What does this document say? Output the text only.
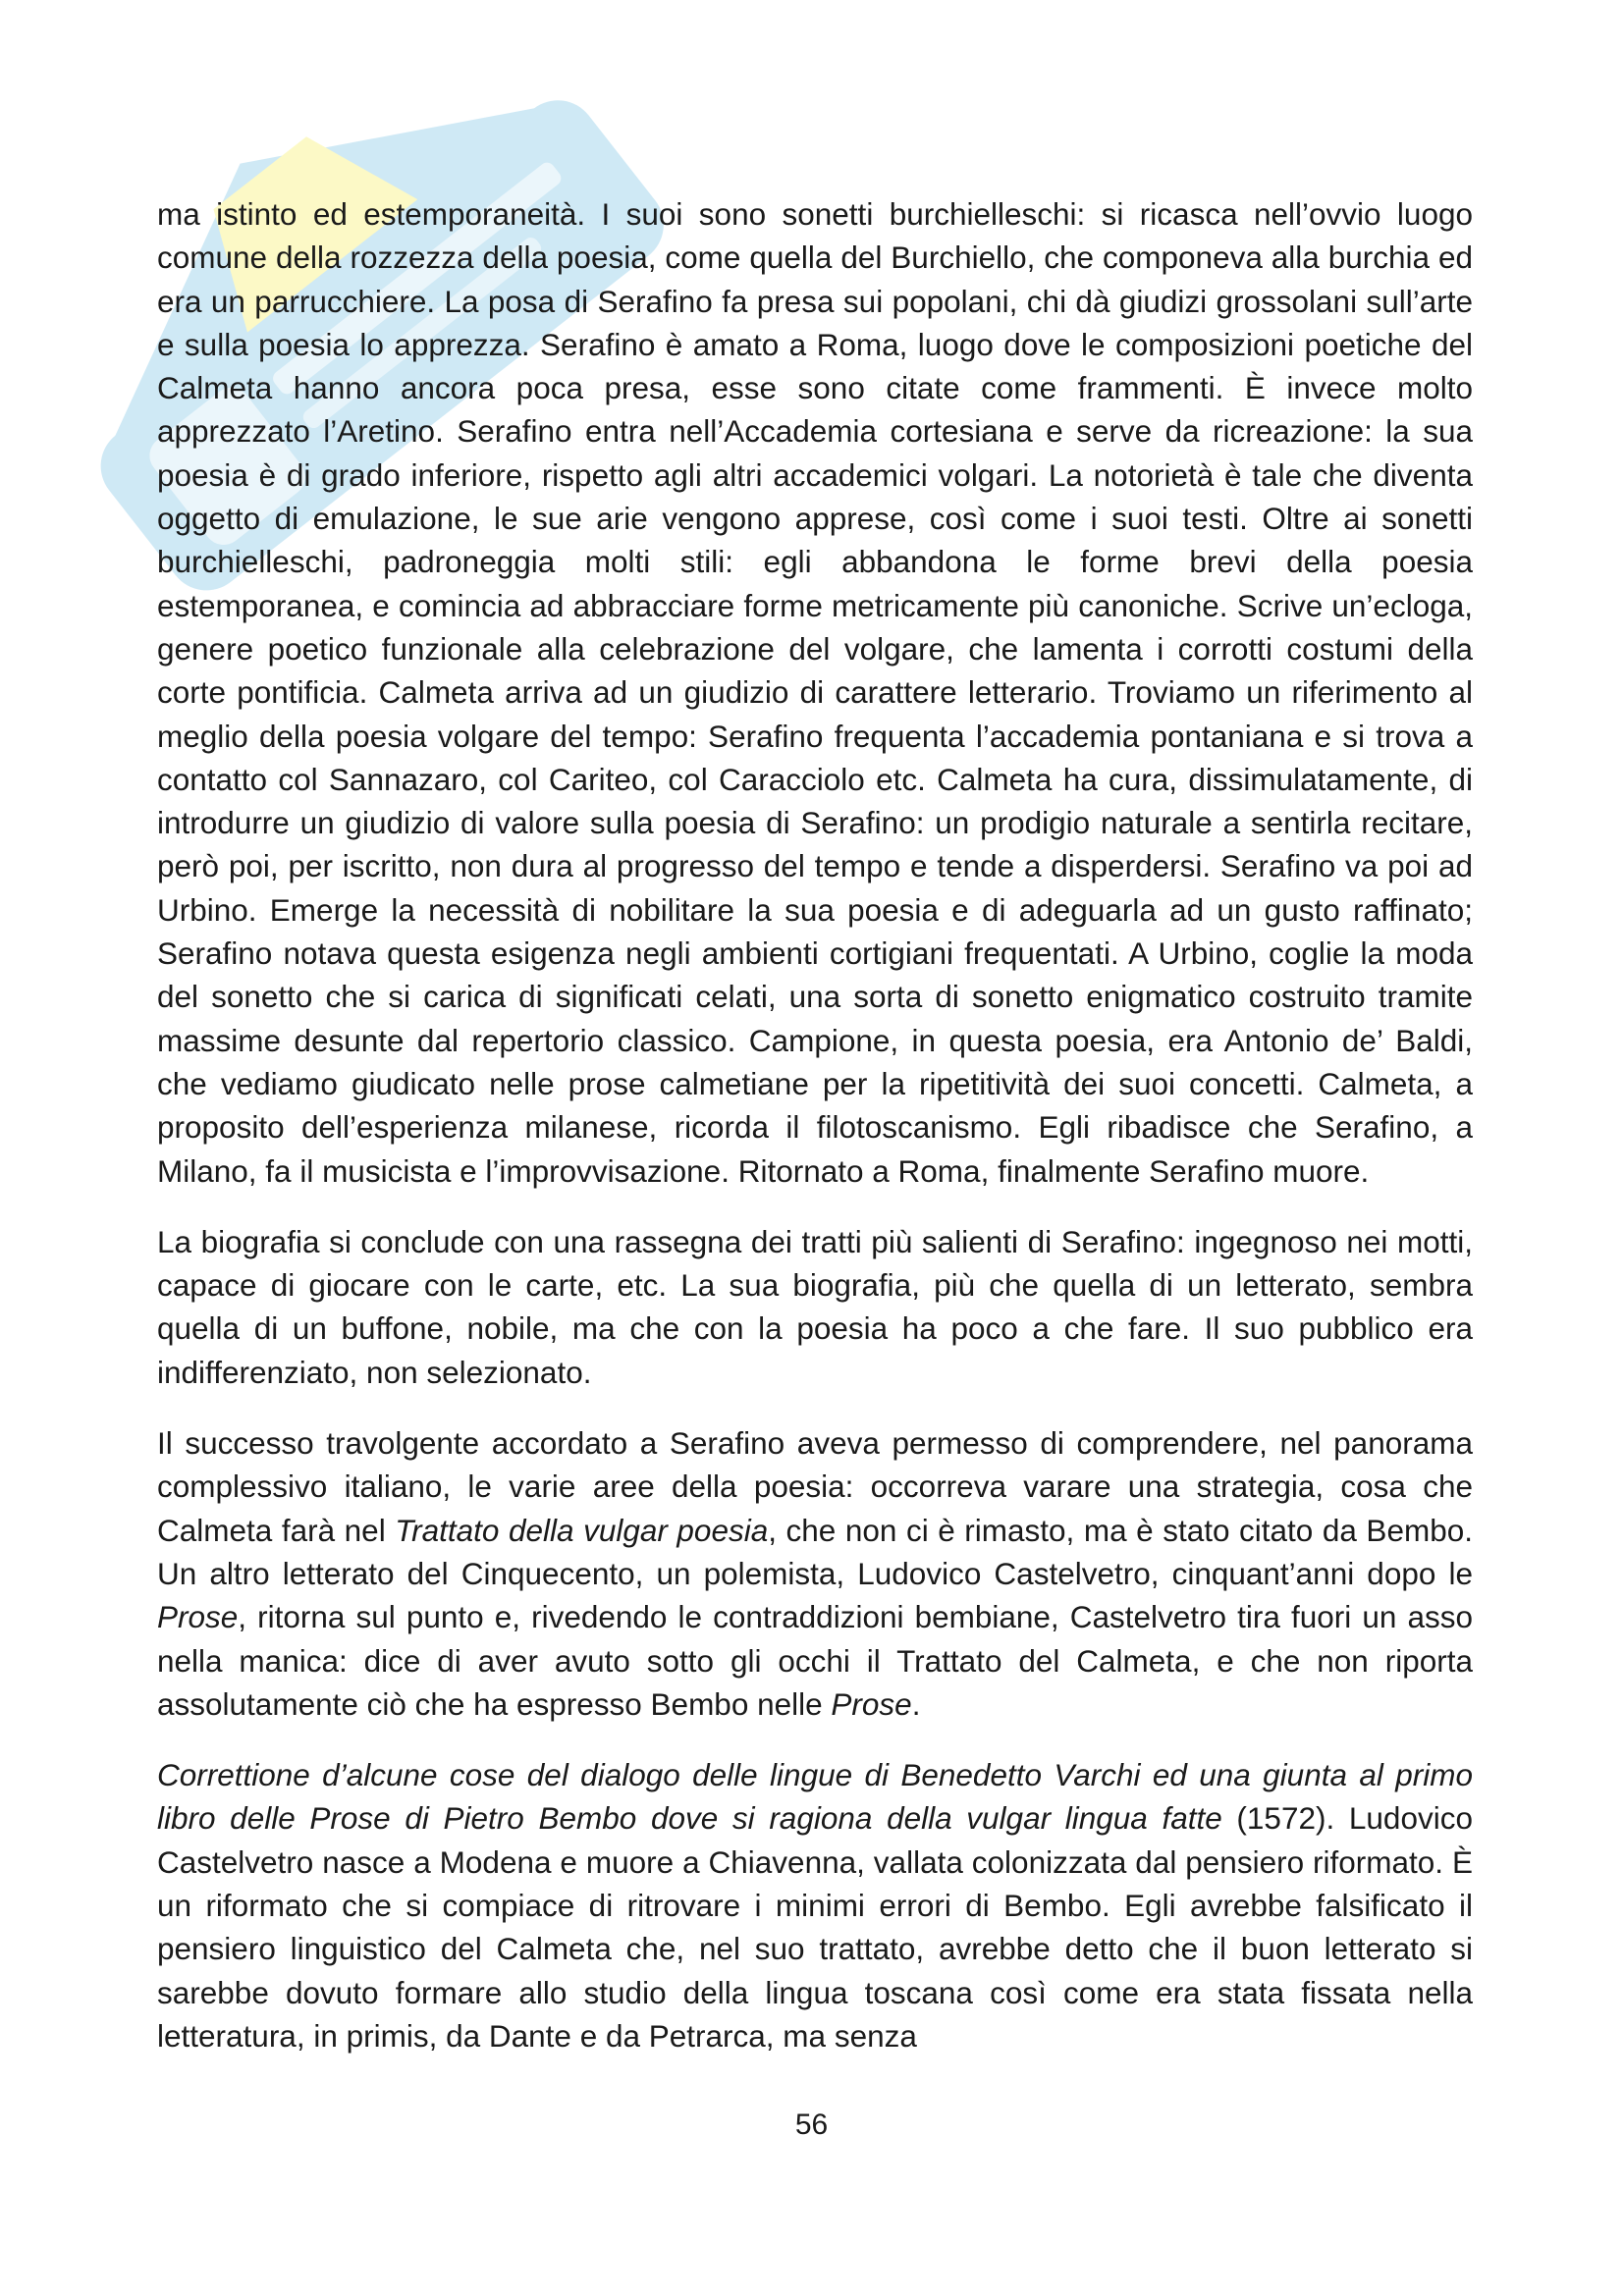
ma istinto ed estemporaneità. I suoi sono sonetti burchielleschi: si ricasca nell’ovvio luogo comune della rozzezza della poesia, come quella del Burchiello, che componeva alla burchia ed era un parrucchiere. La posa di Serafino fa presa sui popolani, chi dà giudizi grossolani sull’arte e sulla poesia lo apprezza. Serafino è amato a Roma, luogo dove le composizioni poetiche del Calmeta hanno ancora poca presa, esse sono citate come frammenti. È invece molto apprezzato l’Aretino. Serafino entra nell’Accademia cortesiana e serve da ricreazione: la sua poesia è di grado inferiore, rispetto agli altri accademici volgari. La notorietà è tale che diventa oggetto di emulazione, le sue arie vengono apprese, così come i suoi testi. Oltre ai sonetti burchielleschi, padroneggia molti stili: egli abbandona le forme brevi della poesia estemporanea, e comincia ad abbracciare forme metricamente più canoniche. Scrive un’ecloga, genere poetico funzionale alla celebrazione del volgare, che lamenta i corrotti costumi della corte pontificia. Calmeta arriva ad un giudizio di carattere letterario. Troviamo un riferimento al meglio della poesia volgare del tempo: Serafino frequenta l’accademia pontaniana e si trova a contatto col Sannazaro, col Cariteo, col Caracciolo etc. Calmeta ha cura, dissimulatamente, di introdurre un giudizio di valore sulla poesia di Serafino: un prodigio naturale a sentirla recitare, però poi, per iscritto, non dura al progresso del tempo e tende a disperdersi. Serafino va poi ad Urbino. Emerge la necessità di nobilitare la sua poesia e di adeguarla ad un gusto raffinato; Serafino notava questa esigenza negli ambienti cortigiani frequentati. A Urbino, coglie la moda del sonetto che si carica di significati celati, una sorta di sonetto enigmatico costruito tramite massime desunte dal repertorio classico. Campione, in questa poesia, era Antonio de’ Baldi, che vediamo giudicato nelle prose calmetiane per la ripetitività dei suoi concetti. Calmeta, a proposito dell’esperienza milanese, ricorda il filotoscanismo. Egli ribadisce che Serafino, a Milano, fa il musicista e l’improvvisazione. Ritornato a Roma, finalmente Serafino muore.

La biografia si conclude con una rassegna dei tratti più salienti di Serafino: ingegnoso nei motti, capace di giocare con le carte, etc. La sua biografia, più che quella di un letterato, sembra quella di un buffone, nobile, ma che con la poesia ha poco a che fare. Il suo pubblico era indifferenziato, non selezionato.

Il successo travolgente accordato a Serafino aveva permesso di comprendere, nel panorama complessivo italiano, le varie aree della poesia: occorreva varare una strategia, cosa che Calmeta farà nel Trattato della vulgar poesia, che non ci è rimasto, ma è stato citato da Bembo. Un altro letterato del Cinquecento, un polemista, Ludovico Castelvetro, cinquant’anni dopo le Prose, ritorna sul punto e, rivedendo le contraddizioni bembiane, Castelvetro tira fuori un asso nella manica: dice di aver avuto sotto gli occhi il Trattato del Calmeta, e che non riporta assolutamente ciò che ha espresso Bembo nelle Prose.

Correttione d’alcune cose del dialogo delle lingue di Benedetto Varchi ed una giunta al primo libro delle Prose di Pietro Bembo dove si ragiona della vulgar lingua fatte (1572). Ludovico Castelvetro nasce a Modena e muore a Chiavenna, vallata colonizzata dal pensiero riformato. È un riformato che si compiace di ritrovare i minimi errori di Bembo. Egli avrebbe falsificato il pensiero linguistico del Calmeta che, nel suo trattato, avrebbe detto che il buon letterato si sarebbe dovuto formare allo studio della lingua toscana così come era stata fissata nella letteratura, in primis, da Dante e da Petrarca, ma senza

56
